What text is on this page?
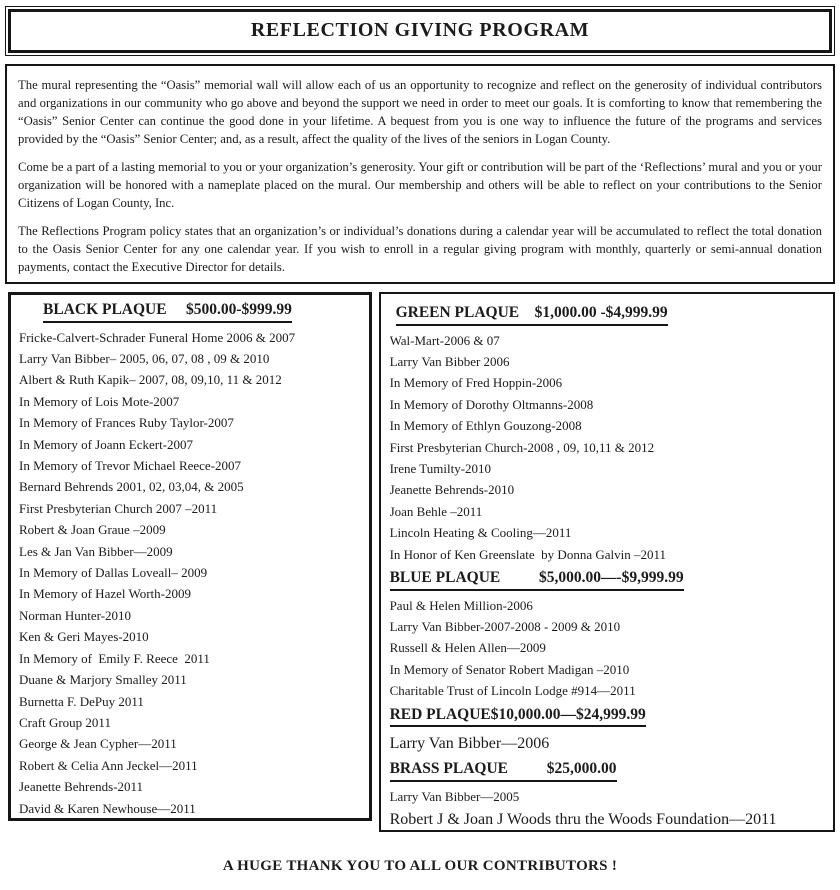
REFLECTION GIVING PROGRAM

The mural representing the “Oasis” memorial wall will allow each of us an opportunity to recognize and reflect on the generosity of individual contributors and organizations in our community who go above and beyond the support we need in order to meet our goals. It is comforting to know that remembering the “Oasis” Senior Center can continue the good done in your lifetime. A bequest from you is one way to influence the future of the programs and services provided by the “Oasis” Senior Center; and, as a result, affect the quality of the lives of the seniors in Logan County.

Come be a part of a lasting memorial to you or your organization’s generosity. Your gift or contribution will be part of the ‘Reflections’ mural and you or your organization will be honored with a nameplate placed on the mural. Our membership and others will be able to reflect on your contributions to the Senior Citizens of Logan County, Inc.

The Reflections Program policy states that an organization’s or individual’s donations during a calendar year will be accumulated to reflect the total donation to the Oasis Senior Center for any one calendar year. If you wish to enroll in a regular giving program with monthly, quarterly or semi-annual donation payments, contact the Executive Director for details.

BLACK PLAQUE     $500.00-$999.99
Fricke-Calvert-Schrader Funeral Home 2006 & 2007
Larry Van Bibber– 2005, 06, 07, 08 , 09 & 2010
Albert & Ruth Kapik– 2007, 08, 09,10, 11 & 2012
In Memory of Lois Mote-2007
In Memory of Frances Ruby Taylor-2007
In Memory of Joann Eckert-2007
In Memory of Trevor Michael Reece-2007
Bernard Behrends 2001, 02, 03,04, & 2005
First Presbyterian Church 2007 –2011
Robert & Joan Graue –2009
Les & Jan Van Bibber—2009
In Memory of Dallas Loveall– 2009
In Memory of Hazel Worth-2009
Norman Hunter-2010
Ken & Geri Mayes-2010
In Memory of  Emily F. Reece  2011
Duane & Marjory Smalley 2011
Burnetta F. DePuy 2011
Craft Group 2011
George & Jean Cypher—2011
Robert & Celia Ann Jeckel—2011
Jeanette Behrends-2011
David & Karen Newhouse—2011
GREEN PLAQUE    $1,000.00 -$4,999.99
Wal-Mart-2006 & 07
Larry Van Bibber 2006
In Memory of Fred Hoppin-2006
In Memory of Dorothy Oltmanns-2008
In Memory of Ethlyn Gouzong-2008
First Presbyterian Church-2008 , 09, 10,11 & 2012
Irene Tumilty-2010
Jeanette Behrends-2010
Joan Behle –2011
Lincoln Heating & Cooling—2011
In Honor of Ken Greenslate  by Donna Galvin –2011
BLUE PLAQUE          $5,000.00—-$9,999.99
Paul & Helen Million-2006
Larry Van Bibber-2007-2008 - 2009 & 2010
Russell & Helen Allen—2009
In Memory of Senator Robert Madigan –2010
Charitable Trust of Lincoln Lodge #914—2011
RED PLAQUE$10,000.00—$24,999.99
Larry Van Bibber—2006
BRASS PLAQUE          $25,000.00
Larry Van Bibber—2005
Robert J & Joan J Woods thru the Woods Foundation—2011
A HUGE THANK YOU TO ALL OUR CONTRIBUTORS !
